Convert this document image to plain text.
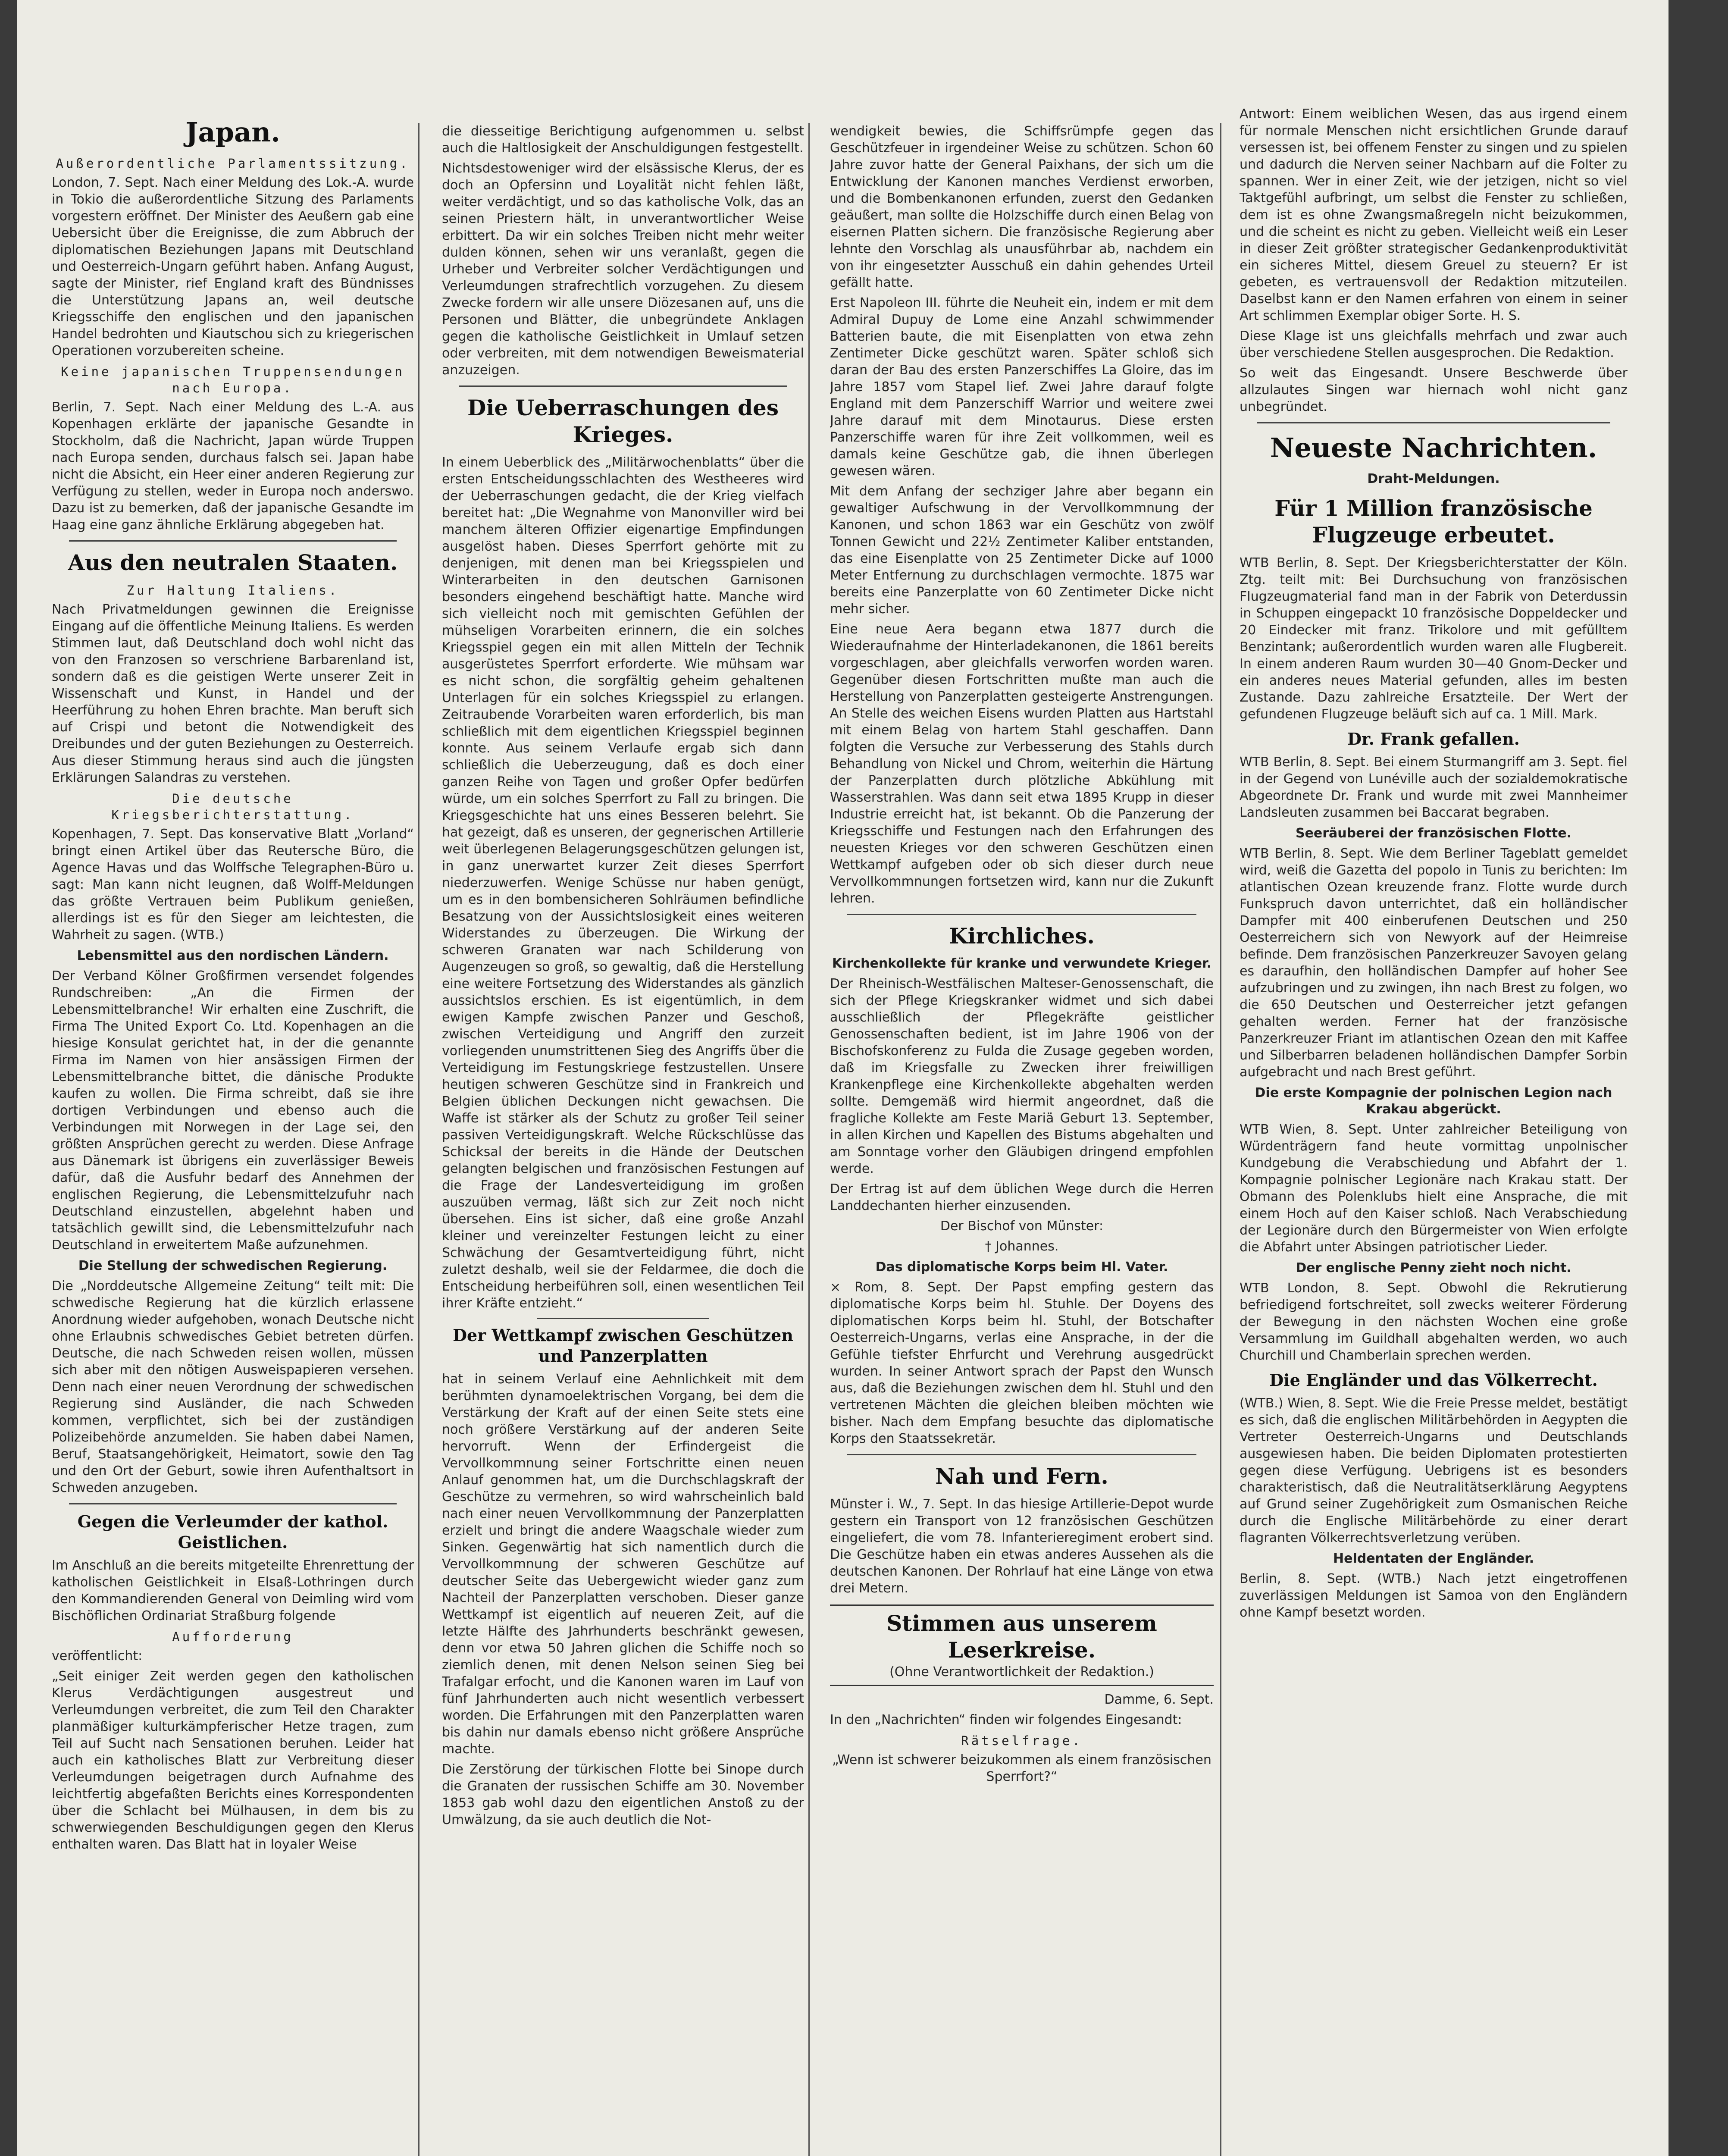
Japan.
Außerordentliche Parlamentssitzung.

London, 7. Sept. Nach einer Meldung des Lok.-A. wurde in Tokio die außerordentliche Sitzung des Parlaments vorgestern eröffnet. Der Minister des Aeußern gab eine Uebersicht über die Ereignisse, die zum Abbruch der diplomatischen Beziehungen Japans mit Deutschland und Oesterreich-Ungarn geführt haben. Anfang August, sagte der Minister, rief England kraft des Bündnisses die Unterstützung Japans an, weil deutsche Kriegsschiffe den englischen und den japanischen Handel bedrohten und Kiautschou sich zu kriegerischen Operationen vorzubereiten scheine.

Keine japanischen Truppensendungen nach Europa.

Berlin, 7. Sept. Nach einer Meldung des L.-A. aus Kopenhagen erklärte der japanische Gesandte in Stockholm, daß die Nachricht, Japan würde Truppen nach Europa senden, durchaus falsch sei. Japan habe nicht die Absicht, ein Heer einer anderen Regierung zur Verfügung zu stellen, weder in Europa noch anderswo. Dazu ist zu bemerken, daß der japanische Gesandte im Haag eine ganz ähnliche Erklärung abgegeben hat.

Aus den neutralen Staaten.
Zur Haltung Italiens.

Nach Privatmeldungen gewinnen die Ereignisse Eingang auf die öffentliche Meinung Italiens. Es werden Stimmen laut, daß Deutschland doch wohl nicht das von den Franzosen so verschriene Barbarenland ist, sondern daß es die geistigen Werte unserer Zeit in Wissenschaft und Kunst, in Handel und der Heerführung zu hohen Ehren brachte. Man beruft sich auf Crispi und betont die Notwendigkeit des Dreibundes und der guten Beziehungen zu Oesterreich. Aus dieser Stimmung heraus sind auch die jüngsten Erklärungen Salandras zu verstehen.

Die deutsche Kriegsberichterstattung.

Kopenhagen, 7. Sept. Das konservative Blatt „Vorland“ bringt einen Artikel über das Reutersche Büro, die Agence Havas und das Wolffsche Telegraphen-Büro u. sagt: Man kann nicht leugnen, daß Wolff-Meldungen das größte Vertrauen beim Publikum genießen, allerdings ist es für den Sieger am leichtesten, die Wahrheit zu sagen. (WTB.)

Lebensmittel aus den nordischen Ländern.

Der Verband Kölner Großfirmen versendet folgendes Rundschreiben: „An die Firmen der Lebensmittelbranche! Wir erhalten eine Zuschrift, die Firma The United Export Co. Ltd. Kopenhagen an die hiesige Konsulat gerichtet hat, in der die genannte Firma im Namen von hier ansässigen Firmen der Lebensmittelbranche bittet, die dänische Produkte kaufen zu wollen. Die Firma schreibt, daß sie ihre dortigen Verbindungen und ebenso auch die Verbindungen mit Norwegen in der Lage sei, den größten Ansprüchen gerecht zu werden. Diese Anfrage aus Dänemark ist übrigens ein zuverlässiger Beweis dafür, daß die Ausfuhr bedarf des Annehmen der englischen Regierung, die Lebensmittelzufuhr nach Deutschland einzustellen, abgelehnt haben und tatsächlich gewillt sind, die Lebensmittelzufuhr nach Deutschland in erweitertem Maße aufzunehmen.

Die Stellung der schwedischen Regierung.

Die „Norddeutsche Allgemeine Zeitung“ teilt mit: Die schwedische Regierung hat die kürzlich erlassene Anordnung wieder aufgehoben, wonach Deutsche nicht ohne Erlaubnis schwedisches Gebiet betreten dürfen. Deutsche, die nach Schweden reisen wollen, müssen sich aber mit den nötigen Ausweispapieren versehen. Denn nach einer neuen Verordnung der schwedischen Regierung sind Ausländer, die nach Schweden kommen, verpflichtet, sich bei der zuständigen Polizeibehörde anzumelden. Sie haben dabei Namen, Beruf, Staatsangehörigkeit, Heimatort, sowie den Tag und den Ort der Geburt, sowie ihren Aufenthaltsort in Schweden anzugeben.

Gegen die Verleumder der kathol. Geistlichen.

Im Anschluß an die bereits mitgeteilte Ehrenrettung der katholischen Geistlichkeit in Elsaß-Lothringen durch den Kommandierenden General von Deimling wird vom Bischöflichen Ordinariat Straßburg folgende

Aufforderung

veröffentlicht:

„Seit einiger Zeit werden gegen den katholischen Klerus Verdächtigungen ausgestreut und Verleumdungen verbreitet, die zum Teil den Charakter planmäßiger kulturkämpferischer Hetze tragen, zum Teil auf Sucht nach Sensationen beruhen. Leider hat auch ein katholisches Blatt zur Verbreitung dieser Verleumdungen beigetragen durch Aufnahme des leichtfertig abgefaßten Berichts eines Korrespondenten über die Schlacht bei Mülhausen, in dem bis zu schwerwiegenden Beschuldigungen gegen den Klerus enthalten waren. Das Blatt hat in loyaler Weise

die diesseitige Berichtigung aufgenommen u. selbst auch die Haltlosigkeit der Anschuldigungen festgestellt.

Nichtsdestoweniger wird der elsässische Klerus, der es doch an Opfersinn und Loyalität nicht fehlen läßt, weiter verdächtigt, und so das katholische Volk, das an seinen Priestern hält, in unverantwortlicher Weise erbittert. Da wir ein solches Treiben nicht mehr weiter dulden können, sehen wir uns veranlaßt, gegen die Urheber und Verbreiter solcher Verdächtigungen und Verleumdungen strafrechtlich vorzugehen. Zu diesem Zwecke fordern wir alle unsere Diözesanen auf, uns die Personen und Blätter, die unbegründete Anklagen gegen die katholische Geistlichkeit in Umlauf setzen oder verbreiten, mit dem notwendigen Beweismaterial anzuzeigen.

Die Ueberraschungen des Krieges.

In einem Ueberblick des „Militärwochenblatts“ über die ersten Entscheidungsschlachten des Westheeres wird der Ueberraschungen gedacht, die der Krieg vielfach bereitet hat: „Die Wegnahme von Manonviller wird bei manchem älteren Offizier eigenartige Empfindungen ausgelöst haben. Dieses Sperrfort gehörte mit zu denjenigen, mit denen man bei Kriegsspielen und Winterarbeiten in den deutschen Garnisonen besonders eingehend beschäftigt hatte. Manche wird sich vielleicht noch mit gemischten Gefühlen der mühseligen Vorarbeiten erinnern, die ein solches Kriegsspiel gegen ein mit allen Mitteln der Technik ausgerüstetes Sperrfort erforderte. Wie mühsam war es nicht schon, die sorgfältig geheim gehaltenen Unterlagen für ein solches Kriegsspiel zu erlangen. Zeitraubende Vorarbeiten waren erforderlich, bis man schließlich mit dem eigentlichen Kriegsspiel beginnen konnte. Aus seinem Verlaufe ergab sich dann schließlich die Ueberzeugung, daß es doch einer ganzen Reihe von Tagen und großer Opfer bedürfen würde, um ein solches Sperrfort zu Fall zu bringen. Die Kriegsgeschichte hat uns eines Besseren belehrt. Sie hat gezeigt, daß es unseren, der gegnerischen Artillerie weit überlegenen Belagerungsgeschützen gelungen ist, in ganz unerwartet kurzer Zeit dieses Sperrfort niederzuwerfen. Wenige Schüsse nur haben genügt, um es in den bombensicheren Sohlräumen befindliche Besatzung von der Aussichtslosigkeit eines weiteren Widerstandes zu überzeugen. Die Wirkung der schweren Granaten war nach Schilderung von Augenzeugen so groß, so gewaltig, daß die Herstellung eine weitere Fortsetzung des Widerstandes als gänzlich aussichtslos erschien. Es ist eigentümlich, in dem ewigen Kampfe zwischen Panzer und Geschoß, zwischen Verteidigung und Angriff den zurzeit vorliegenden unumstrittenen Sieg des Angriffs über die Verteidigung im Festungskriege festzustellen. Unsere heutigen schweren Geschütze sind in Frankreich und Belgien üblichen Deckungen nicht gewachsen. Die Waffe ist stärker als der Schutz zu großer Teil seiner passiven Verteidigungskraft. Welche Rückschlüsse das Schicksal der bereits in die Hände der Deutschen gelangten belgischen und französischen Festungen auf die Frage der Landesverteidigung im großen auszuüben vermag, läßt sich zur Zeit noch nicht übersehen. Eins ist sicher, daß eine große Anzahl kleiner und vereinzelter Festungen leicht zu einer Schwächung der Gesamtverteidigung führt, nicht zuletzt deshalb, weil sie der Feldarmee, die doch die Entscheidung herbeiführen soll, einen wesentlichen Teil ihrer Kräfte entzieht.“

Der Wettkampf zwischen Geschützen und Panzerplatten

hat in seinem Verlauf eine Aehnlichkeit mit dem berühmten dynamoelektrischen Vorgang, bei dem die Verstärkung der Kraft auf der einen Seite stets eine noch größere Verstärkung auf der anderen Seite hervorruft. Wenn der Erfindergeist die Vervollkommnung seiner Fortschritte einen neuen Anlauf genommen hat, um die Durchschlagskraft der Geschütze zu vermehren, so wird wahrscheinlich bald nach einer neuen Vervollkommnung der Panzerplatten erzielt und bringt die andere Waagschale wieder zum Sinken. Gegenwärtig hat sich namentlich durch die Vervollkommnung der schweren Geschütze auf deutscher Seite das Uebergewicht wieder ganz zum Nachteil der Panzerplatten verschoben. Dieser ganze Wettkampf ist eigentlich auf neueren Zeit, auf die letzte Hälfte des Jahrhunderts beschränkt gewesen, denn vor etwa 50 Jahren glichen die Schiffe noch so ziemlich denen, mit denen Nelson seinen Sieg bei Trafalgar erfocht, und die Kanonen waren im Lauf von fünf Jahrhunderten auch nicht wesentlich verbessert worden. Die Erfahrungen mit den Panzerplatten waren bis dahin nur damals ebenso nicht größere Ansprüche machte.

Die Zerstörung der türkischen Flotte bei Sinope durch die Granaten der russischen Schiffe am 30. November 1853 gab wohl dazu den eigentlichen Anstoß zu der Umwälzung, da sie auch deutlich die Not-

wendigkeit bewies, die Schiffsrümpfe gegen das Geschützfeuer in irgendeiner Weise zu schützen. Schon 60 Jahre zuvor hatte der General Paixhans, der sich um die Entwicklung der Kanonen manches Verdienst erworben, und die Bombenkanonen erfunden, zuerst den Gedanken geäußert, man sollte die Holzschiffe durch einen Belag von eisernen Platten sichern. Die französische Regierung aber lehnte den Vorschlag als unausführbar ab, nachdem ein von ihr eingesetzter Ausschuß ein dahin gehendes Urteil gefällt hatte.

Erst Napoleon III. führte die Neuheit ein, indem er mit dem Admiral Dupuy de Lome eine Anzahl schwimmender Batterien baute, die mit Eisenplatten von etwa zehn Zentimeter Dicke geschützt waren. Später schloß sich daran der Bau des ersten Panzerschiffes La Gloire, das im Jahre 1857 vom Stapel lief. Zwei Jahre darauf folgte England mit dem Panzerschiff Warrior und weitere zwei Jahre darauf mit dem Minotaurus. Diese ersten Panzerschiffe waren für ihre Zeit vollkommen, weil es damals keine Geschütze gab, die ihnen überlegen gewesen wären.

Mit dem Anfang der sechziger Jahre aber begann ein gewaltiger Aufschwung in der Vervollkommnung der Kanonen, und schon 1863 war ein Geschütz von zwölf Tonnen Gewicht und 22½ Zentimeter Kaliber entstanden, das eine Eisenplatte von 25 Zentimeter Dicke auf 1000 Meter Entfernung zu durchschlagen vermochte. 1875 war bereits eine Panzerplatte von 60 Zentimeter Dicke nicht mehr sicher.

Eine neue Aera begann etwa 1877 durch die Wiederaufnahme der Hinterladekanonen, die 1861 bereits vorgeschlagen, aber gleichfalls verworfen worden waren. Gegenüber diesen Fortschritten mußte man auch die Herstellung von Panzerplatten gesteigerte Anstrengungen. An Stelle des weichen Eisens wurden Platten aus Hartstahl mit einem Belag von hartem Stahl geschaffen. Dann folgten die Versuche zur Verbesserung des Stahls durch Behandlung von Nickel und Chrom, weiterhin die Härtung der Panzerplatten durch plötzliche Abkühlung mit Wasserstrahlen. Was dann seit etwa 1895 Krupp in dieser Industrie erreicht hat, ist bekannt. Ob die Panzerung der Kriegsschiffe und Festungen nach den Erfahrungen des neuesten Krieges vor den schweren Geschützen einen Wettkampf aufgeben oder ob sich dieser durch neue Vervollkommnungen fortsetzen wird, kann nur die Zukunft lehren.

Kirchliches.
Kirchenkollekte für kranke und verwundete Krieger.

Der Rheinisch-Westfälischen Malteser-Genossenschaft, die sich der Pflege Kriegskranker widmet und sich dabei ausschließlich der Pflegekräfte geistlicher Genossenschaften bedient, ist im Jahre 1906 von der Bischofskonferenz zu Fulda die Zusage gegeben worden, daß im Kriegsfalle zu Zwecken ihrer freiwilligen Krankenpflege eine Kirchenkollekte abgehalten werden sollte. Demgemäß wird hiermit angeordnet, daß die fragliche Kollekte am Feste Mariä Geburt 13. September, in allen Kirchen und Kapellen des Bistums abgehalten und am Sonntage vorher den Gläubigen dringend empfohlen werde.

Der Ertrag ist auf dem üblichen Wege durch die Herren Landdechanten hierher einzusenden.

Der Bischof von Münster:

† Johannes.

Das diplomatische Korps beim Hl. Vater.

× Rom, 8. Sept. Der Papst empfing gestern das diplomatische Korps beim hl. Stuhle. Der Doyens des diplomatischen Korps beim hl. Stuhl, der Botschafter Oesterreich-Ungarns, verlas eine Ansprache, in der die Gefühle tiefster Ehrfurcht und Verehrung ausgedrückt wurden. In seiner Antwort sprach der Papst den Wunsch aus, daß die Beziehungen zwischen dem hl. Stuhl und den vertretenen Mächten die gleichen bleiben möchten wie bisher. Nach dem Empfang besuchte das diplomatische Korps den Staatssekretär.

Nah und Fern.

Münster i. W., 7. Sept. In das hiesige Artillerie-Depot wurde gestern ein Transport von 12 französischen Geschützen eingeliefert, die vom 78. Infanterieregiment erobert sind. Die Geschütze haben ein etwas anderes Aussehen als die deutschen Kanonen. Der Rohrlauf hat eine Länge von etwa drei Metern.

Stimmen aus unserem Leserkreise.
(Ohne Verantwortlichkeit der Redaktion.)

Damme, 6. Sept.

In den „Nachrichten“ finden wir folgendes Eingesandt:

Rätselfrage.

„Wenn ist schwerer beizukommen als einem französischen Sperrfort?“

Antwort: Einem weiblichen Wesen, das aus irgend einem für normale Menschen nicht ersichtlichen Grunde darauf versessen ist, bei offenem Fenster zu singen und zu spielen und dadurch die Nerven seiner Nachbarn auf die Folter zu spannen. Wer in einer Zeit, wie der jetzigen, nicht so viel Taktgefühl aufbringt, um selbst die Fenster zu schließen, dem ist es ohne Zwangsmaßregeln nicht beizukommen, und die scheint es nicht zu geben. Vielleicht weiß ein Leser in dieser Zeit größter strategischer Gedankenproduktivität ein sicheres Mittel, diesem Greuel zu steuern? Er ist gebeten, es vertrauensvoll der Redaktion mitzuteilen. Daselbst kann er den Namen erfahren von einem in seiner Art schlimmen Exemplar obiger Sorte. H. S.

Diese Klage ist uns gleichfalls mehrfach und zwar auch über verschiedene Stellen ausgesprochen. Die Redaktion.

So weit das Eingesandt. Unsere Beschwerde über allzulautes Singen war hiernach wohl nicht ganz unbegründet.

Neueste Nachrichten.
Draht-Meldungen.
Für 1 Million französische Flugzeuge erbeutet.

WTB Berlin, 8. Sept. Der Kriegsberichterstatter der Köln. Ztg. teilt mit: Bei Durchsuchung von französischen Flugzeugmaterial fand man in der Fabrik von Deterdussin in Schuppen eingepackt 10 französische Doppeldecker und 20 Eindecker mit franz. Trikolore und mit gefülltem Benzintank; außerordentlich wurden waren alle Flugbereit. In einem anderen Raum wurden 30—40 Gnom-Decker und ein anderes neues Material gefunden, alles im besten Zustande. Dazu zahlreiche Ersatzteile. Der Wert der gefundenen Flugzeuge beläuft sich auf ca. 1 Mill. Mark.

Dr. Frank gefallen.

WTB Berlin, 8. Sept. Bei einem Sturmangriff am 3. Sept. fiel in der Gegend von Lunéville auch der sozialdemokratische Abgeordnete Dr. Frank und wurde mit zwei Mannheimer Landsleuten zusammen bei Baccarat begraben.

Seeräuberei der französischen Flotte.

WTB Berlin, 8. Sept. Wie dem Berliner Tageblatt gemeldet wird, weiß die Gazetta del popolo in Tunis zu berichten: Im atlantischen Ozean kreuzende franz. Flotte wurde durch Funkspruch davon unterrichtet, daß ein holländischer Dampfer mit 400 einberufenen Deutschen und 250 Oesterreichern sich von Newyork auf der Heimreise befinde. Dem französischen Panzerkreuzer Savoyen gelang es daraufhin, den holländischen Dampfer auf hoher See aufzubringen und zu zwingen, ihn nach Brest zu folgen, wo die 650 Deutschen und Oesterreicher jetzt gefangen gehalten werden. Ferner hat der französische Panzerkreuzer Friant im atlantischen Ozean den mit Kaffee und Silberbarren beladenen holländischen Dampfer Sorbin aufgebracht und nach Brest geführt.

Die erste Kompagnie der polnischen Legion nach Krakau abgerückt.

WTB Wien, 8. Sept. Unter zahlreicher Beteiligung von Würdenträgern fand heute vormittag unpolnischer Kundgebung die Verabschiedung und Abfahrt der 1. Kompagnie polnischer Legionäre nach Krakau statt. Der Obmann des Polenklubs hielt eine Ansprache, die mit einem Hoch auf den Kaiser schloß. Nach Verabschiedung der Legionäre durch den Bürgermeister von Wien erfolgte die Abfahrt unter Absingen patriotischer Lieder.

Der englische Penny zieht noch nicht.

WTB London, 8. Sept. Obwohl die Rekrutierung befriedigend fortschreitet, soll zwecks weiterer Förderung der Bewegung in den nächsten Wochen eine große Versammlung im Guildhall abgehalten werden, wo auch Churchill und Chamberlain sprechen werden.

Die Engländer und das Völkerrecht.

(WTB.) Wien, 8. Sept. Wie die Freie Presse meldet, bestätigt es sich, daß die englischen Militärbehörden in Aegypten die Vertreter Oesterreich-Ungarns und Deutschlands ausgewiesen haben. Die beiden Diplomaten protestierten gegen diese Verfügung. Uebrigens ist es besonders charakteristisch, daß die Neutralitätserklärung Aegyptens auf Grund seiner Zugehörigkeit zum Osmanischen Reiche durch die Englische Militärbehörde zu einer derart flagranten Völkerrechtsverletzung verüben.

Heldentaten der Engländer.

Berlin, 8. Sept. (WTB.) Nach jetzt eingetroffenen zuverlässigen Meldungen ist Samoa von den Engländern ohne Kampf besetzt worden.
